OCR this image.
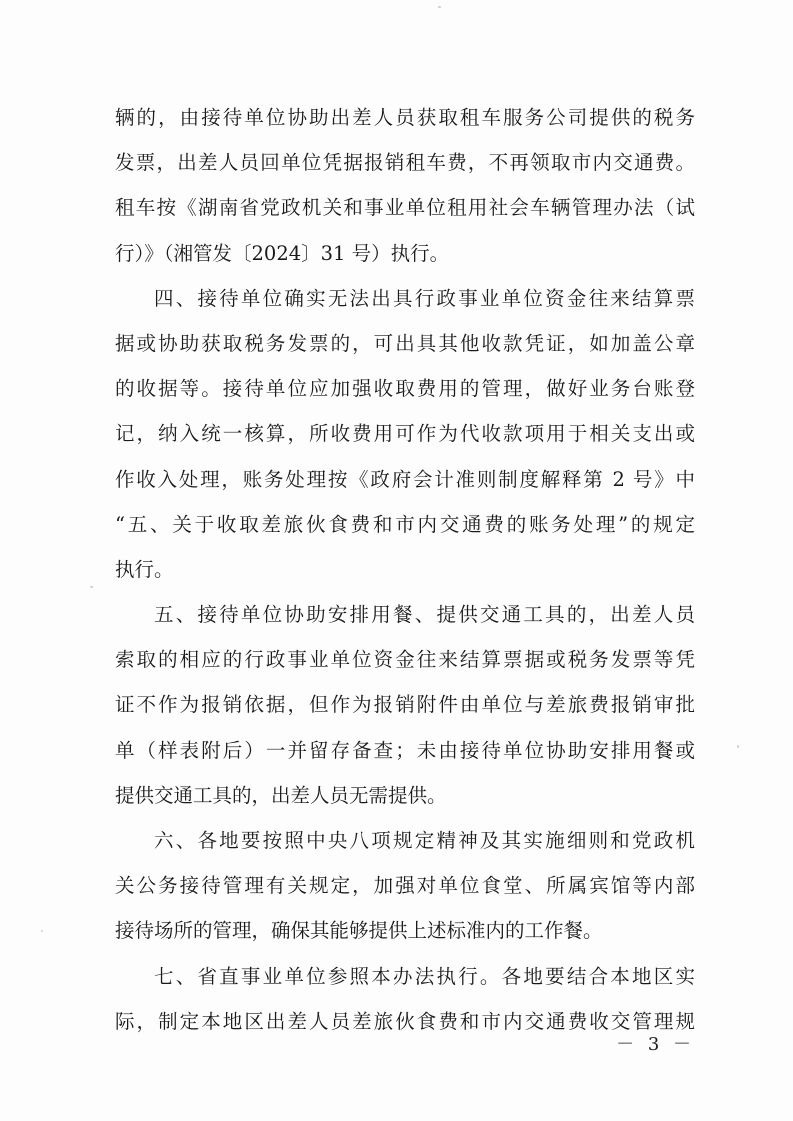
辆的，由接待单位协助出差人员获取租车服务公司提供的税务
发票，出差人员回单位凭据报销租车费，不再领取市内交通费。
租车按《湖南省党政机关和事业单位租用社会车辆管理办法（试
行）》（湘管发〔2024〕31 号）执行。
四、接待单位确实无法出具行政事业单位资金往来结算票
据或协助获取税务发票的，可出具其他收款凭证，如加盖公章
的收据等。接待单位应加强收取费用的管理，做好业务台账登
记，纳入统一核算，所收费用可作为代收款项用于相关支出或
作收入处理，账务处理按《政府会计准则制度解释第 2 号》中
“五、关于收取差旅伙食费和市内交通费的账务处理”的规定
执行。
五、接待单位协助安排用餐、提供交通工具的，出差人员
索取的相应的行政事业单位资金往来结算票据或税务发票等凭
证不作为报销依据，但作为报销附件由单位与差旅费报销审批
单（样表附后）一并留存备查；未由接待单位协助安排用餐或
提供交通工具的，出差人员无需提供。
六、各地要按照中央八项规定精神及其实施细则和党政机
关公务接待管理有关规定，加强对单位食堂、所属宾馆等内部
接待场所的管理，确保其能够提供上述标准内的工作餐。
七、省直事业单位参照本办法执行。各地要结合本地区实
际，制定本地区出差人员差旅伙食费和市内交通费收交管理规
－ 3 －
